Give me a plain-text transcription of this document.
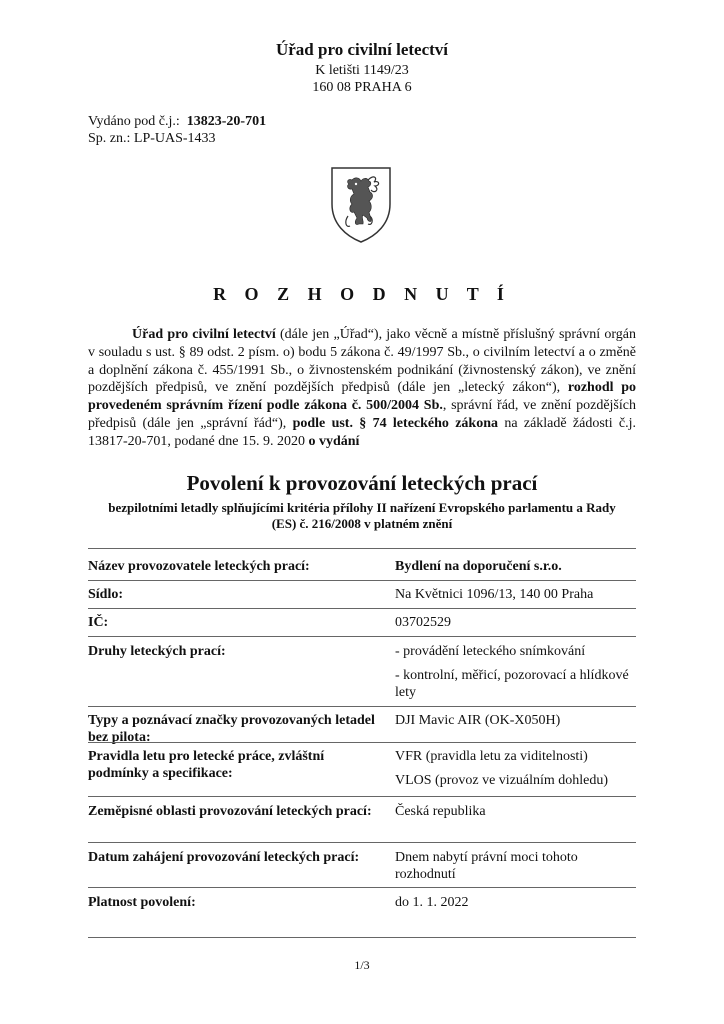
Úřad pro civilní letectví
K letišti 1149/23
160 08 PRAHA 6
Vydáno pod č.j.: 13823-20-701
Sp. zn.: LP-UAS-1433
R O Z H O D N U T Í

Úřad pro civilní letectví (dále jen „Úřad“), jako věcně a místně příslušný správní orgán v souladu s ust. § 89 odst. 2 písm. o) bodu 5 zákona č. 49/1997 Sb., o civilním letectví a o změně a doplnění zákona č. 455/1991 Sb., o živnostenském podnikání (živnostenský zákon), ve znění pozdějších předpisů, ve znění pozdějších předpisů (dále jen „letecký zákon“), rozhodl po provedeném správním řízení podle zákona č. 500/2004 Sb., správní řád, ve znění pozdějších předpisů (dále jen „správní řád“), podle ust. § 74 leteckého zákona na základě žádosti č.j. 13817-20-701, podané dne 15. 9. 2020 o vydání

Povolení k provozování leteckých prací
bezpilotními letadly splňujícími kritéria přílohy II nařízení Evropského parlamentu a Rady (ES) č. 216/2008 v platném znění
Název provozovatele leteckých prací:	Bydlení na doporučení s.r.o.
Sídlo:	Na Květnici 1096/13, 140 00 Praha
IČ:	03702529
Druhy leteckých prací:	- provádění leteckého snímkování
- kontrolní, měřicí, pozorovací a hlídkové lety
Typy a poznávací značky provozovaných letadel bez pilota:
DJI Mavic AIR (OK-X050H)
Pravidla letu pro letecké práce, zvláštní podmínky a specifikace:
VFR (pravidla letu za viditelnosti)
VLOS (provoz ve vizuálním dohledu)
Zeměpisné oblasti provozování leteckých prací:	Česká republika
Datum zahájení provozování leteckých prací:	Dnem nabytí právní moci tohoto rozhodnutí
Platnost povolení:	do 1. 1. 2022
1/3
